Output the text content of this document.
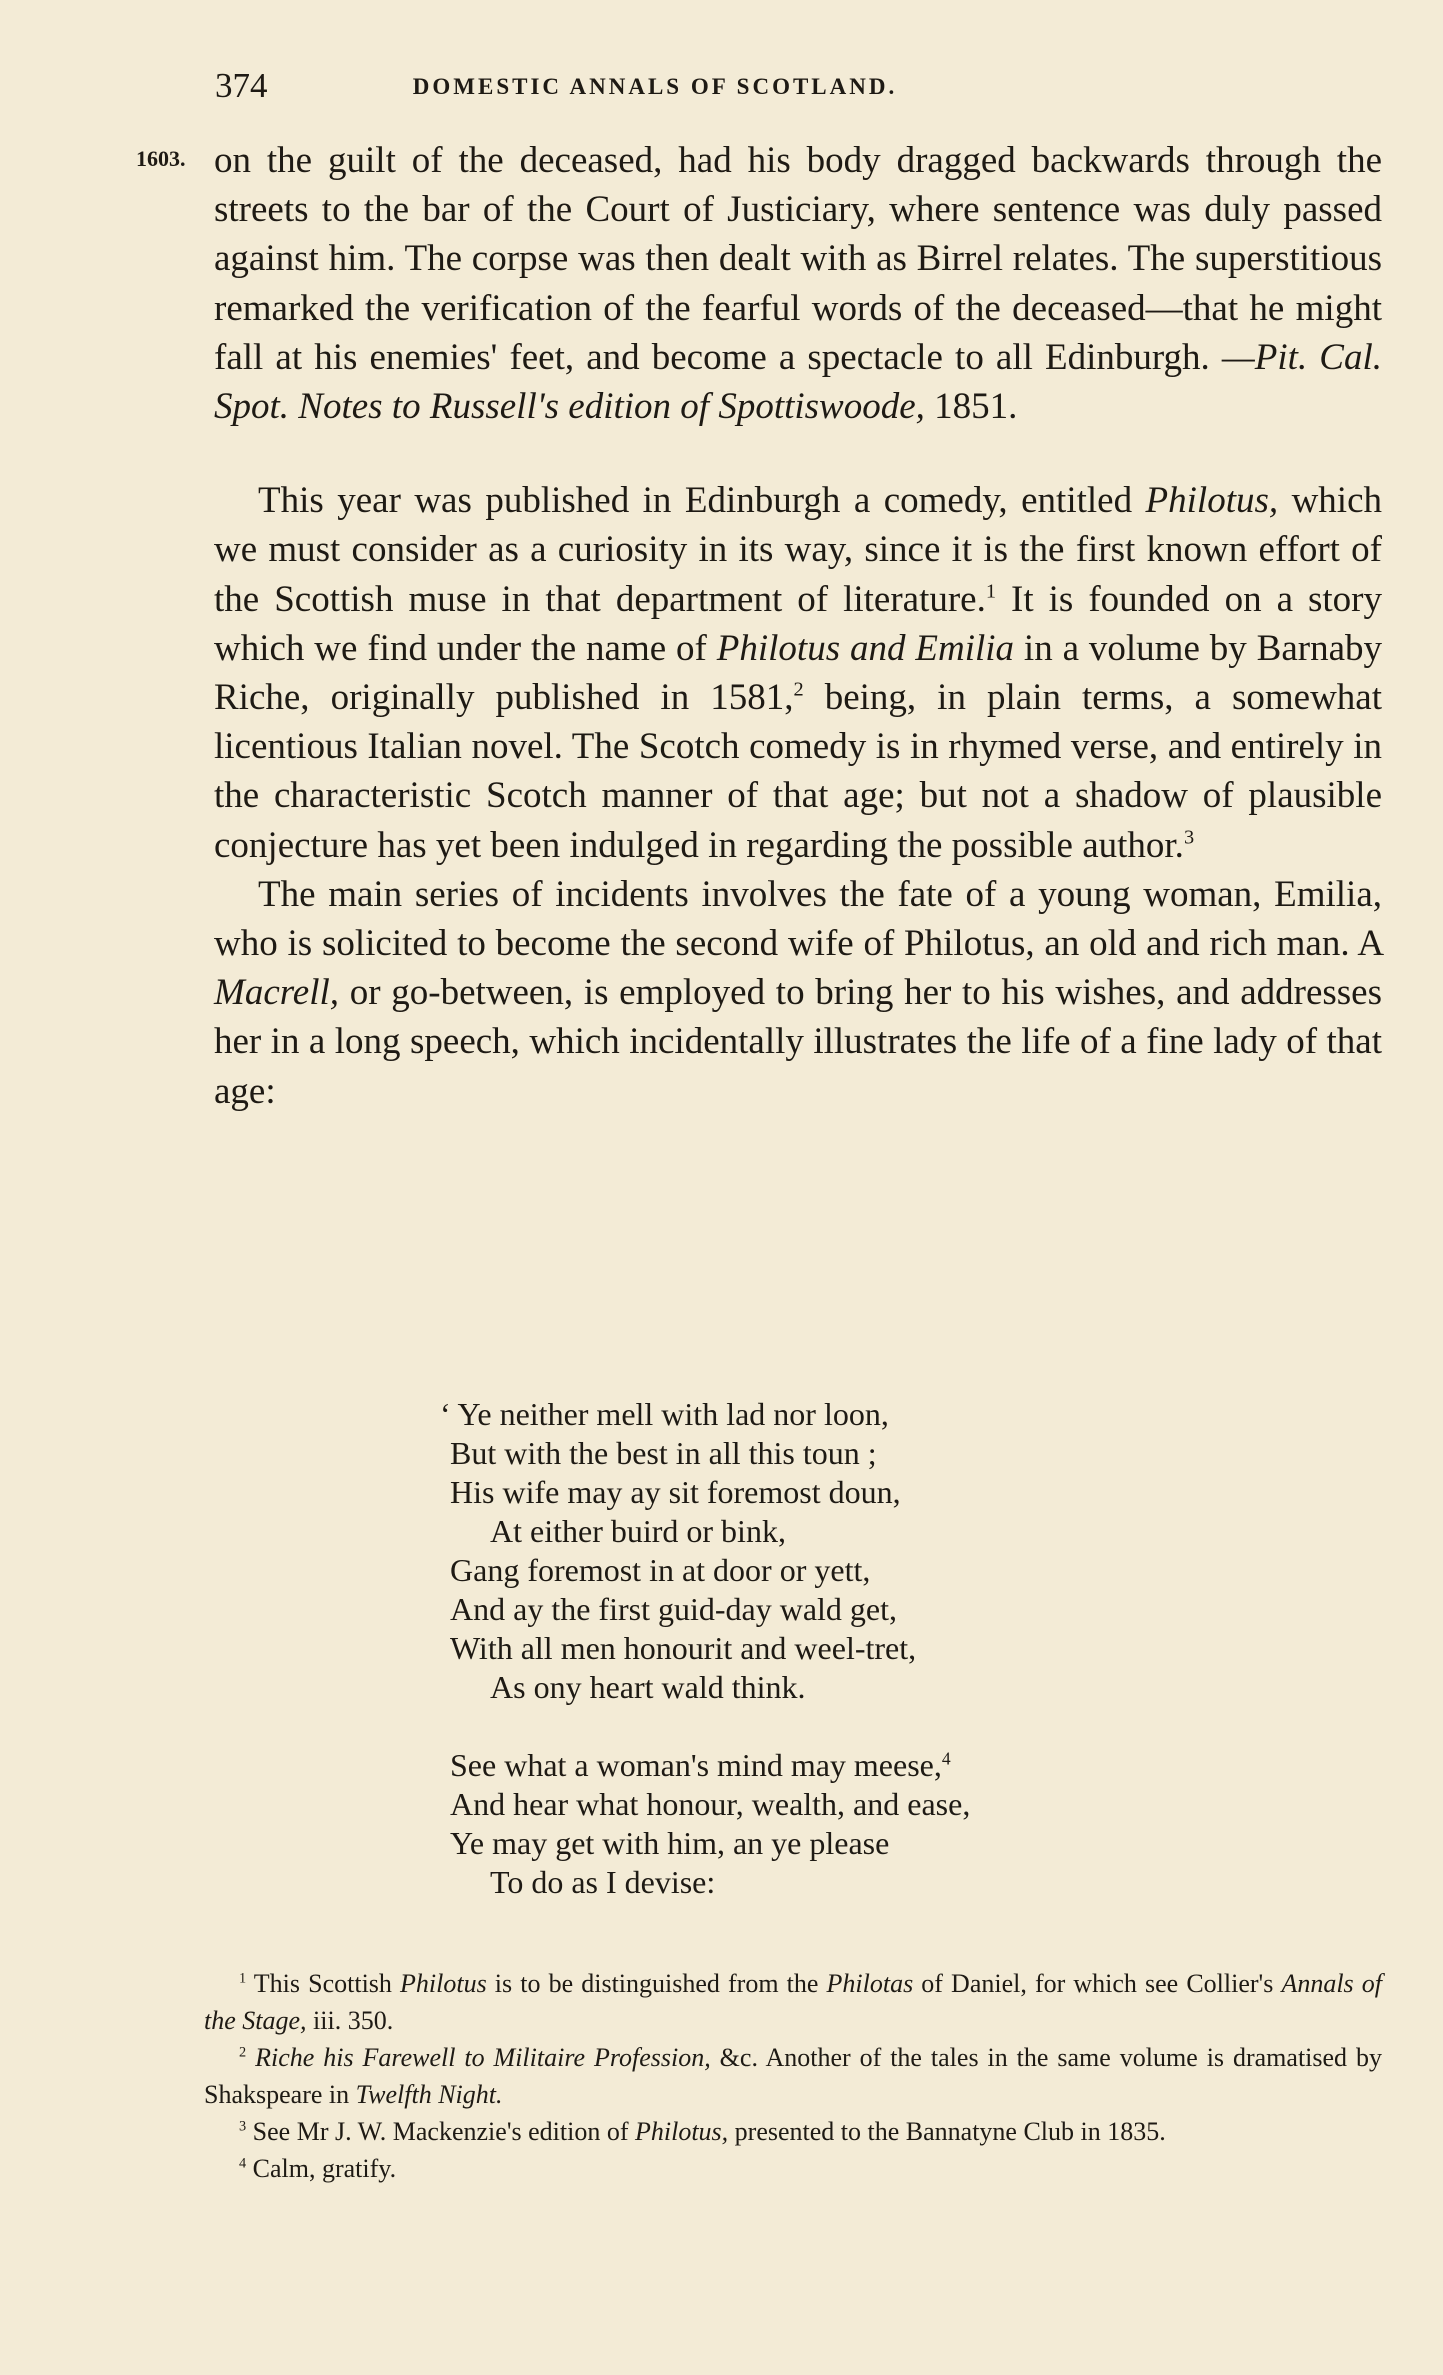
374	DOMESTIC ANNALS OF SCOTLAND.
1603. on the guilt of the deceased, had his body dragged backwards through the streets to the bar of the Court of Justiciary, where sentence was duly passed against him. The corpse was then dealt with as Birrel relates. The superstitious remarked the verification of the fearful words of the deceased—that he might fall at his enemies' feet, and become a spectacle to all Edinburgh. —Pit. Cal. Spot. Notes to Russell's edition of Spottiswoode, 1851.

This year was published in Edinburgh a comedy, entitled Philotus, which we must consider as a curiosity in its way, since it is the first known effort of the Scottish muse in that department of literature.$^1$ It is founded on a story which we find under the name of Philotus and Emilia in a volume by Barnaby Riche, originally published in 1581,$^2$ being, in plain terms, a somewhat licentious Italian novel. The Scotch comedy is in rhymed verse, and entirely in the characteristic Scotch manner of that age; but not a shadow of plausible conjecture has yet been indulged in regarding the possible author.$^3$

The main series of incidents involves the fate of a young woman, Emilia, who is solicited to become the second wife of Philotus, an old and rich man. A Macrell, or go-between, is employed to bring her to his wishes, and addresses her in a long speech, which incidentally illustrates the life of a fine lady of that age:

‘ Ye neither mell with lad nor loon,
But with the best in all this toun ;
His wife may ay sit foremost doun,
At either buird or bink,
Gang foremost in at door or yett,
And ay the first guid-day wald get,
With all men honourit and weel-tret,
As ony heart wald think.
See what a woman's mind may meese,$^4$
And hear what honour, wealth, and ease,
Ye may get with him, an ye please
To do as I devise:

$^1$ This Scottish Philotus is to be distinguished from the Philotas of Daniel, for which see Collier's Annals of the Stage, iii. 350.

$^2$ Riche his Farewell to Militaire Profession, &c. Another of the tales in the same volume is dramatised by Shakspeare in Twelfth Night.

$^3$ See Mr J. W. Mackenzie's edition of Philotus, presented to the Bannatyne Club in 1835.

$^4$ Calm, gratify.
